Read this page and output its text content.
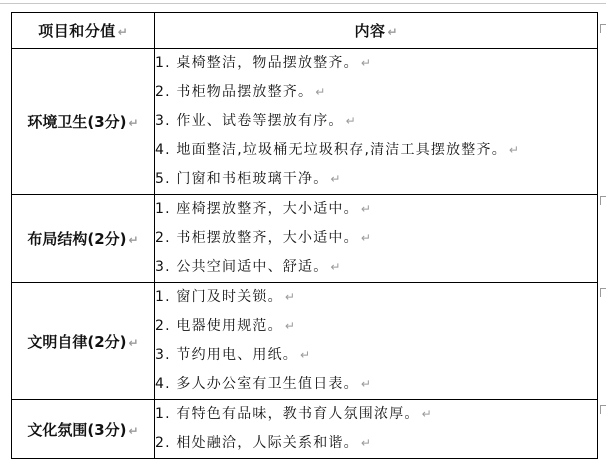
项目和分值 ↵	内容 ↵
环境卫生(3分) ↵	1. 桌椅整洁，物品摆放整齐。 ↵
2. 书柜物品摆放整齐。 ↵
3. 作业、试卷等摆放有序。 ↵
4. 地面整洁,垃圾桶无垃圾积存,清洁工具摆放整齐。 ↵
5. 门窗和书柜玻璃干净。 ↵

布局结构(2分) ↵	1. 座椅摆放整齐，大小适中。 ↵
2. 书柜摆放整齐，大小适中。 ↵
3. 公共空间适中、舒适。 ↵

文明自律(2分) ↵	1. 窗门及时关锁。 ↵
2. 电器使用规范。 ↵
3. 节约用电、用纸。 ↵
4. 多人办公室有卫生值日表。 ↵

文化氛围(3分) ↵	1. 有特色有品味，教书育人氛围浓厚。 ↵
2. 相处融洽，人际关系和谐。 ↵
